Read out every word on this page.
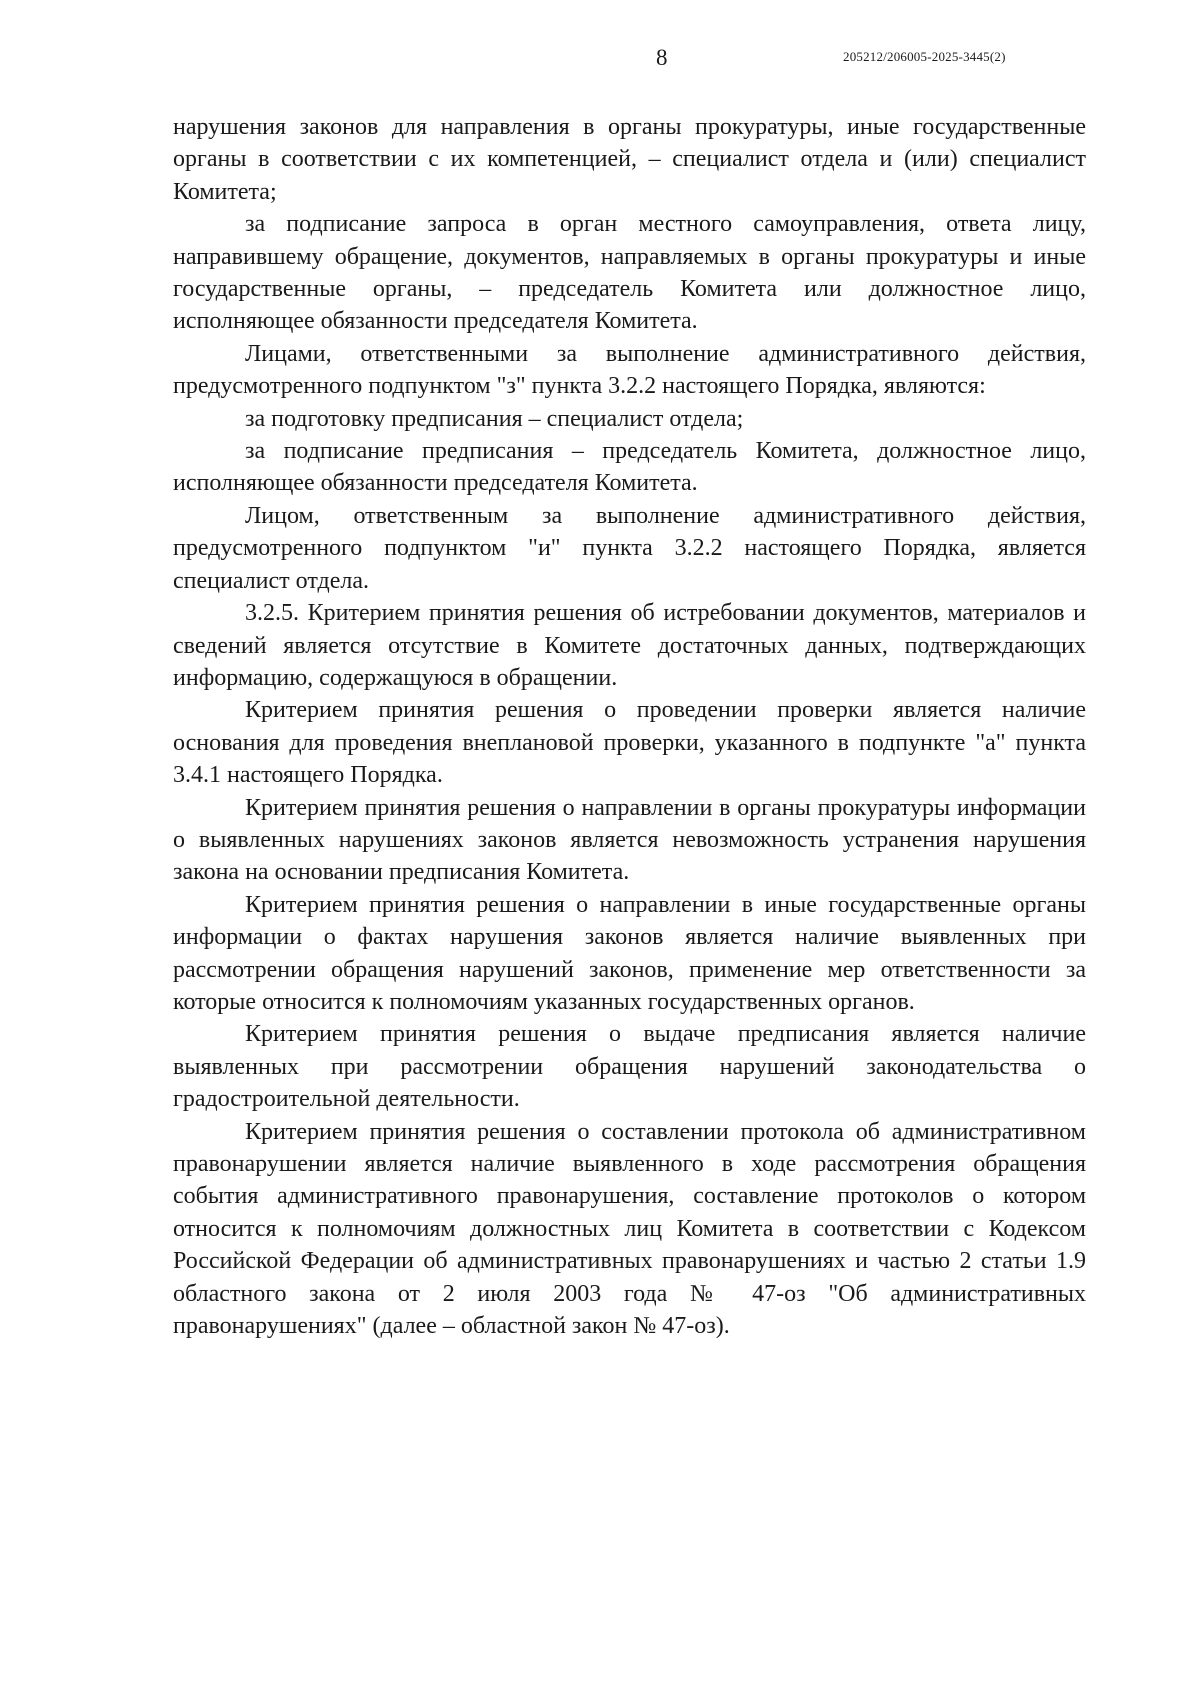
8	205212/206005-2025-3445(2)

нарушения законов для направления в органы прокуратуры, иные государственные органы в соответствии с их компетенцией, – специалист отдела и (или) специалист Комитета;

за подписание запроса в орган местного самоуправления, ответа лицу, направившему обращение, документов, направляемых в органы прокуратуры и иные государственные органы, – председатель Комитета или должностное лицо, исполняющее обязанности председателя Комитета.

Лицами, ответственными за выполнение административного действия, предусмотренного подпунктом "з" пункта 3.2.2 настоящего Порядка, являются:

за подготовку предписания – специалист отдела;

за подписание предписания – председатель Комитета, должностное лицо, исполняющее обязанности председателя Комитета.

Лицом, ответственным за выполнение административного действия, предусмотренного подпунктом "и" пункта 3.2.2 настоящего Порядка, является специалист отдела.

3.2.5. Критерием принятия решения об истребовании документов, материалов и сведений является отсутствие в Комитете достаточных данных, подтверждающих информацию, содержащуюся в обращении.

Критерием принятия решения о проведении проверки является наличие основания для проведения внеплановой проверки, указанного в подпункте "а" пункта 3.4.1 настоящего Порядка.

Критерием принятия решения о направлении в органы прокуратуры информации о выявленных нарушениях законов является невозможность устранения нарушения закона на основании предписания Комитета.

Критерием принятия решения о направлении в иные государственные органы информации о фактах нарушения законов является наличие выявленных при рассмотрении обращения нарушений законов, применение мер ответственности за которые относится к полномочиям указанных государственных органов.

Критерием принятия решения о выдаче предписания является наличие выявленных при рассмотрении обращения нарушений законодательства о градостроительной деятельности.

Критерием принятия решения о составлении протокола об административном правонарушении является наличие выявленного в ходе рассмотрения обращения события административного правонарушения, составление протоколов о котором относится к полномочиям должностных лиц Комитета в соответствии с Кодексом Российской Федерации об административных правонарушениях и частью 2 статьи 1.9 областного закона от 2 июля 2003 года № 47-оз "Об административных правонарушениях" (далее – областной закон № 47-оз).
